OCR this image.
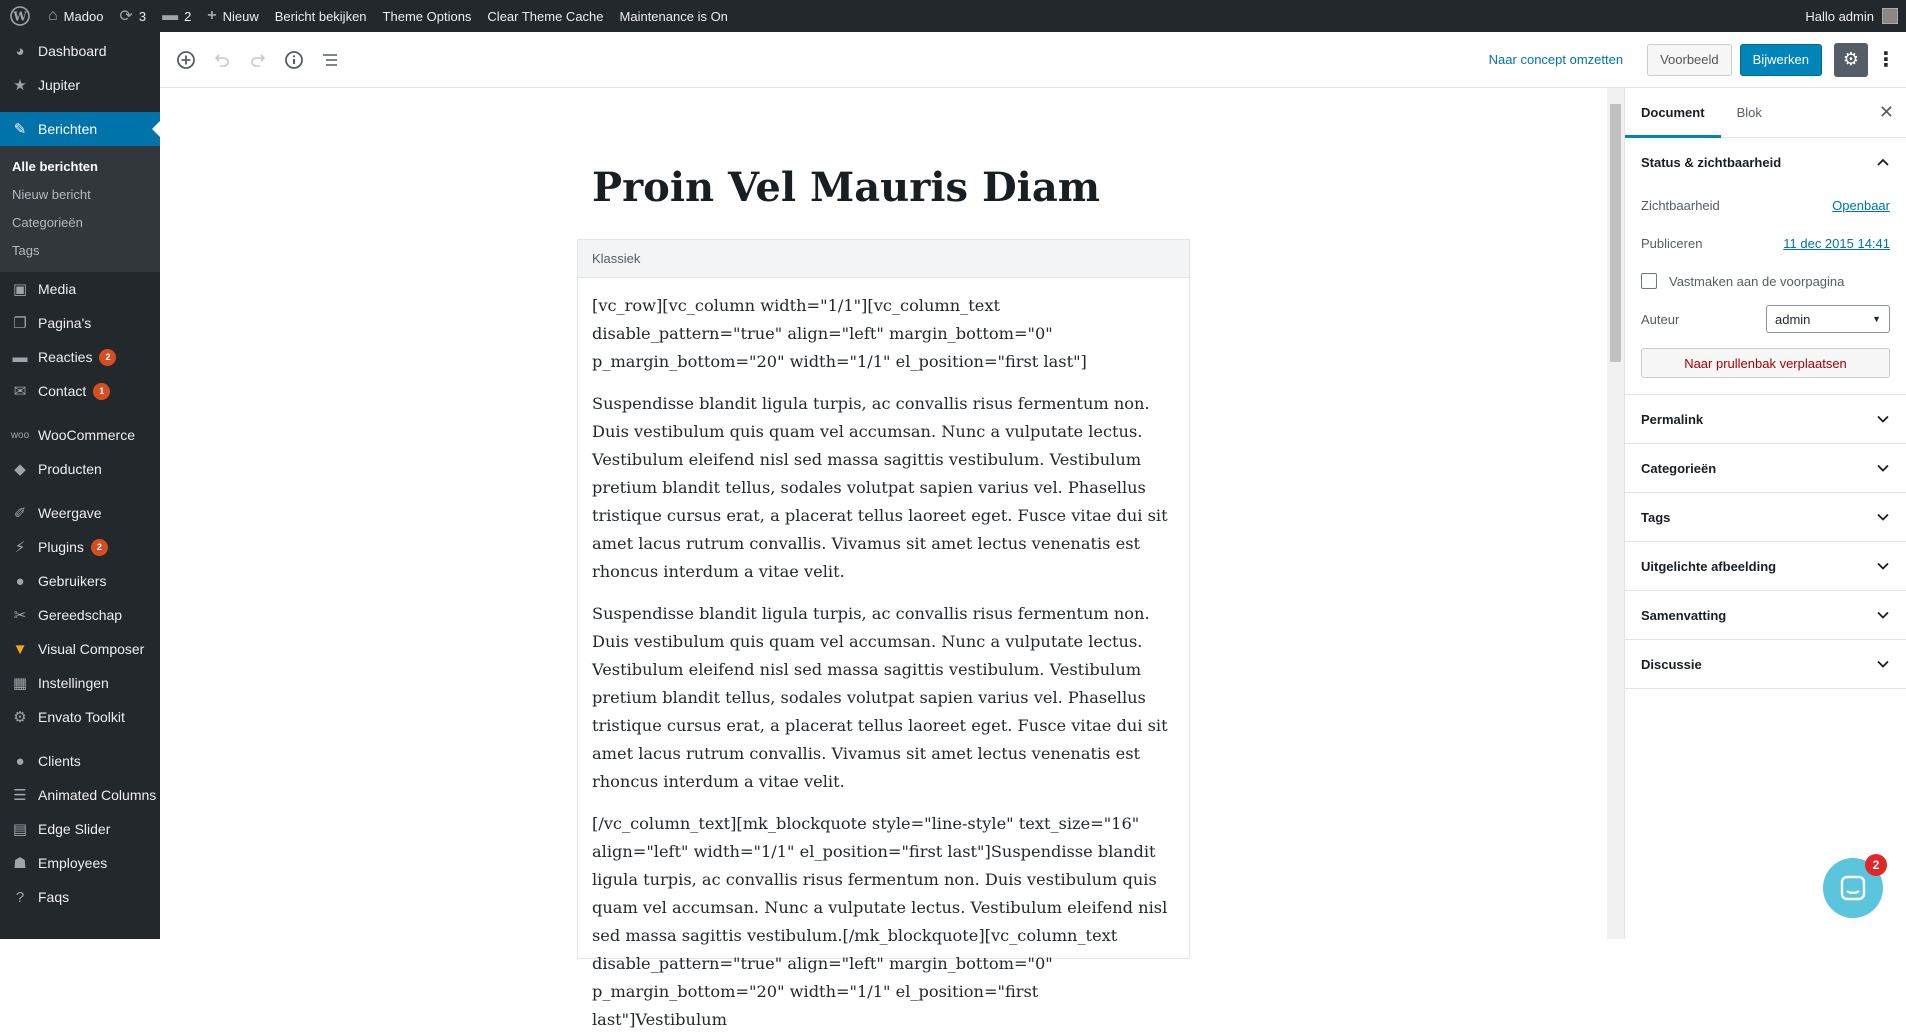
W ⌂ Madoo ⟳ 3 ▬ 2 + Nieuw	Bericht bekijken	Theme Options	Clear Theme Cache	Maintenance is On	Hallo admin
◕ Dashboard
★ Jupiter
✎ Berichten
Alle berichten
Nieuw bericht
Categorieën
Tags
▣ Media
❐ Pagina's
▬ Reacties	2
✉ Contact	1
woo WooCommerce
◆ Producten
✐ Weergave
⚡ Plugins	2
● Gebruikers
✂ Gereedschap
▼ Visual Composer
▦ Instellingen
⚙ Envato Toolkit
● Clients
☰ Animated Columns
▤ Edge Slider
☗ Employees
? Faqs
Naar concept omzetten	Voorbeeld	Bijwerken	⚙ ⋮
Proin Vel Mauris Diam
Klassiek

[vc_row][vc_column width="1/1"][vc_column_text disable_pattern="true" align="left" margin_bottom="0" p_margin_bottom="20" width="1/1" el_position="first last"]

Suspendisse blandit ligula turpis, ac convallis risus fermentum non. Duis vestibulum quis quam vel accumsan. Nunc a vulputate lectus. Vestibulum eleifend nisl sed massa sagittis vestibulum. Vestibulum pretium blandit tellus, sodales volutpat sapien varius vel. Phasellus tristique cursus erat, a placerat tellus laoreet eget. Fusce vitae dui sit amet lacus rutrum convallis. Vivamus sit amet lectus venenatis est rhoncus interdum a vitae velit.

Suspendisse blandit ligula turpis, ac convallis risus fermentum non. Duis vestibulum quis quam vel accumsan. Nunc a vulputate lectus. Vestibulum eleifend nisl sed massa sagittis vestibulum. Vestibulum pretium blandit tellus, sodales volutpat sapien varius vel. Phasellus tristique cursus erat, a placerat tellus laoreet eget. Fusce vitae dui sit amet lacus rutrum convallis. Vivamus sit amet lectus venenatis est rhoncus interdum a vitae velit.

[/vc_column_text][mk_blockquote style="line-style" text_size="16" align="left" width="1/1" el_position="first last"]Suspendisse blandit ligula turpis, ac convallis risus fermentum non. Duis vestibulum quis quam vel accumsan. Nunc a vulputate lectus. Vestibulum eleifend nisl sed massa sagittis vestibulum.[/mk_blockquote][vc_column_text disable_pattern="true" align="left" margin_bottom="0" p_margin_bottom="20" width="1/1" el_position="first last"]Vestibulum

Document	Blok	✕
Status & zichtbaarheid
Zichtbaarheid	Openbaar
Publiceren	11 dec 2015 14:41
Vastmaken aan de voorpagina
Auteur	admin	▼
Naar prullenbak verplaatsen
Permalink
Categorieën
Tags
Uitgelichte afbeelding
Samenvatting
Discussie
2
